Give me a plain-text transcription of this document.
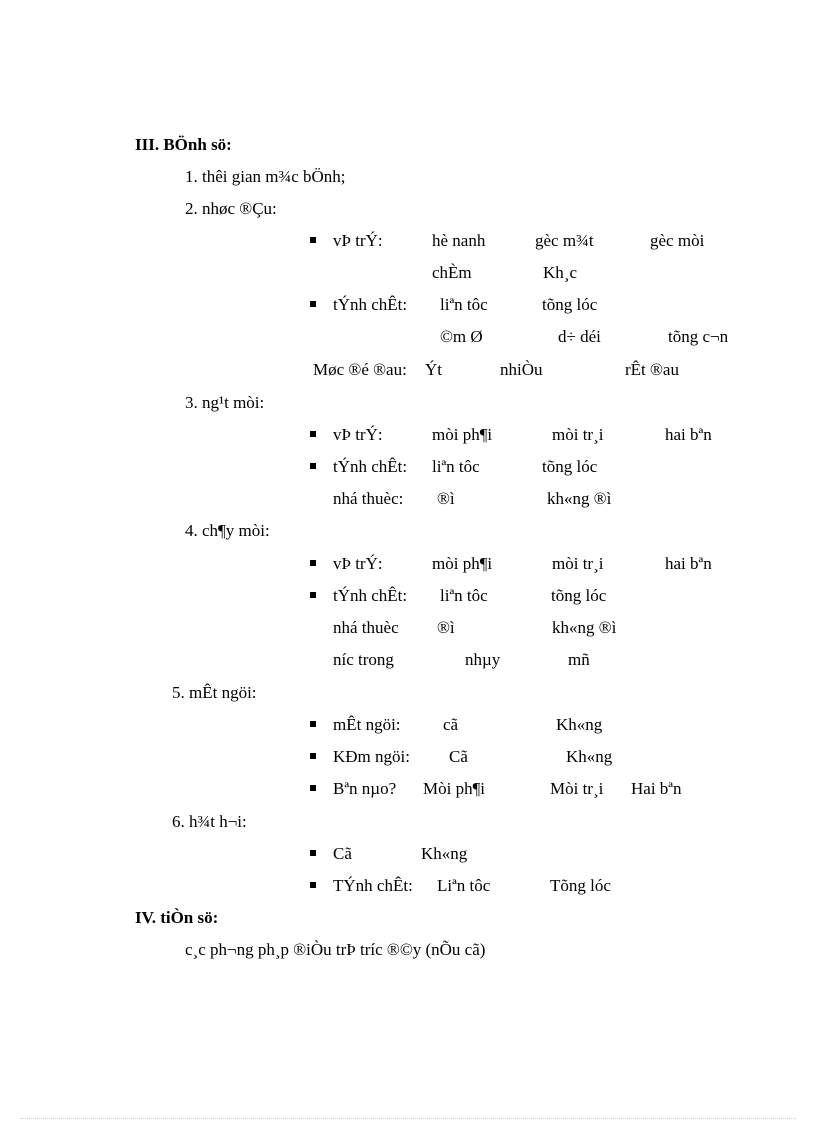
III. BÖnh sö:
1. thêi gian m¾c bÖnh;
2. nhøc ®Çu:
vÞ trÝ:	hè nanh	gèc m¾t	gèc mòi
chÈm	Kh¸c
tÝnh chÊt: liªn tôc	tõng lóc
©m Ø	d÷ déi	tõng c¬n
Møc ®é ®au: Ýt	nhiÒu	rÊt ®au
3. ng¹t mòi:
vÞ trÝ:	mòi ph¶i	mòi tr¸i	hai bªn
tÝnh chÊt: liªn tôc	tõng lóc
nhá thuèc: ®ì	kh«ng ®ì
4. ch¶y mòi:
vÞ trÝ:	mòi ph¶i	mòi tr¸i	hai bªn
tÝnh chÊt: liªn tôc	tõng lóc
nhá thuèc ®ì	kh«ng ®ì
níc trong	nhµy	mñ
5. mÊt ngöi:
mÊt ngöi: cã	Kh«ng
KÐm ngöi: Cã	Kh«ng
Bªn nµo? Mòi ph¶i	Mòi tr¸i Hai bªn
6. h¾t h¬i:
Cã	Kh«ng
TÝnh chÊt: Liªn tôc	Tõng lóc
IV. tiÒn sö:
c¸c ph¬ng ph¸p ®iÒu trÞ tríc ®©y (nÕu cã)
